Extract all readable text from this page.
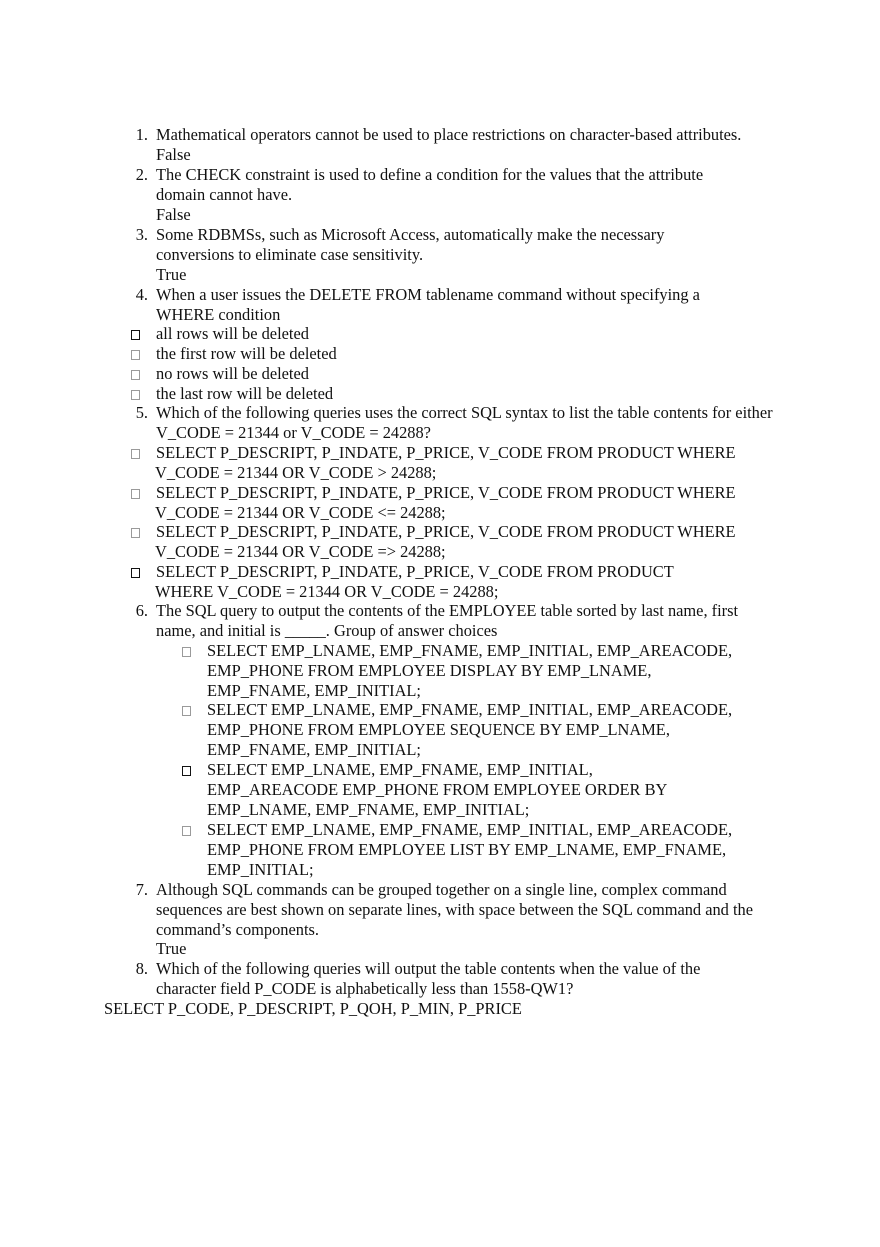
1. Mathematical operators cannot be used to place restrictions on character-based attributes.
False
2. The CHECK constraint is used to define a condition for the values that the attribute domain cannot have.
False
3. Some RDBMSs, such as Microsoft Access, automatically make the necessary conversions to eliminate case sensitivity.
True
4. When a user issues the DELETE FROM tablename command without specifying a WHERE condition
all rows will be deleted
the first row will be deleted
no rows will be deleted
the last row will be deleted
5. Which of the following queries uses the correct SQL syntax to list the table contents for either V_CODE = 21344 or V_CODE = 24288?
SELECT P_DESCRIPT, P_INDATE, P_PRICE, V_CODE FROM PRODUCT WHERE
V_CODE = 21344 OR V_CODE > 24288;
SELECT P_DESCRIPT, P_INDATE, P_PRICE, V_CODE FROM PRODUCT WHERE
V_CODE = 21344 OR V_CODE <= 24288;
SELECT P_DESCRIPT, P_INDATE, P_PRICE, V_CODE FROM PRODUCT WHERE
V_CODE = 21344 OR V_CODE => 24288;
SELECT P_DESCRIPT, P_INDATE, P_PRICE, V_CODE FROM PRODUCT
WHERE V_CODE = 21344 OR V_CODE = 24288;
6. The SQL query to output the contents of the EMPLOYEE table sorted by last name, first name, and initial is _____. Group of answer choices
SELECT EMP_LNAME, EMP_FNAME, EMP_INITIAL, EMP_AREACODE,
EMP_PHONE FROM EMPLOYEE DISPLAY BY EMP_LNAME,
EMP_FNAME, EMP_INITIAL;
SELECT EMP_LNAME, EMP_FNAME, EMP_INITIAL, EMP_AREACODE,
EMP_PHONE FROM EMPLOYEE SEQUENCE BY EMP_LNAME,
EMP_FNAME, EMP_INITIAL;
SELECT EMP_LNAME, EMP_FNAME, EMP_INITIAL,
EMP_AREACODE EMP_PHONE FROM EMPLOYEE ORDER BY
EMP_LNAME, EMP_FNAME, EMP_INITIAL;
SELECT EMP_LNAME, EMP_FNAME, EMP_INITIAL, EMP_AREACODE,
EMP_PHONE FROM EMPLOYEE LIST BY EMP_LNAME, EMP_FNAME,
EMP_INITIAL;
7. Although SQL commands can be grouped together on a single line, complex command sequences are best shown on separate lines, with space between the SQL command and the command’s components.
True
8. Which of the following queries will output the table contents when the value of the character field P_CODE is alphabetically less than 1558-QW1?
SELECT P_CODE, P_DESCRIPT, P_QOH, P_MIN, P_PRICE
